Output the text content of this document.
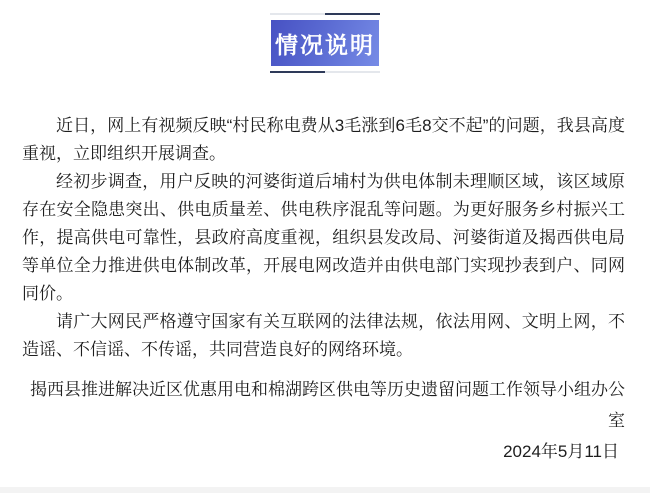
情况说明

近日，网上有视频反映“村民称电费从3毛涨到6毛8交不起”的问题，我县高度重视，立即组织开展调查。

经初步调查，用户反映的河婆街道后埔村为供电体制未理顺区域，该区域原存在安全隐患突出、供电质量差、供电秩序混乱等问题。为更好服务乡村振兴工作，提高供电可靠性，县政府高度重视，组织县发改局、河婆街道及揭西供电局等单位全力推进供电体制改革，开展电网改造并由供电部门实现抄表到户、同网同价。

请广大网民严格遵守国家有关互联网的法律法规，依法用网、文明上网，不造谣、不信谣、不传谣，共同营造良好的网络环境。

揭西县推进解决近区优惠用电和棉湖跨区供电等历史遗留问题工作领导小组办公室
2024年5月11日
